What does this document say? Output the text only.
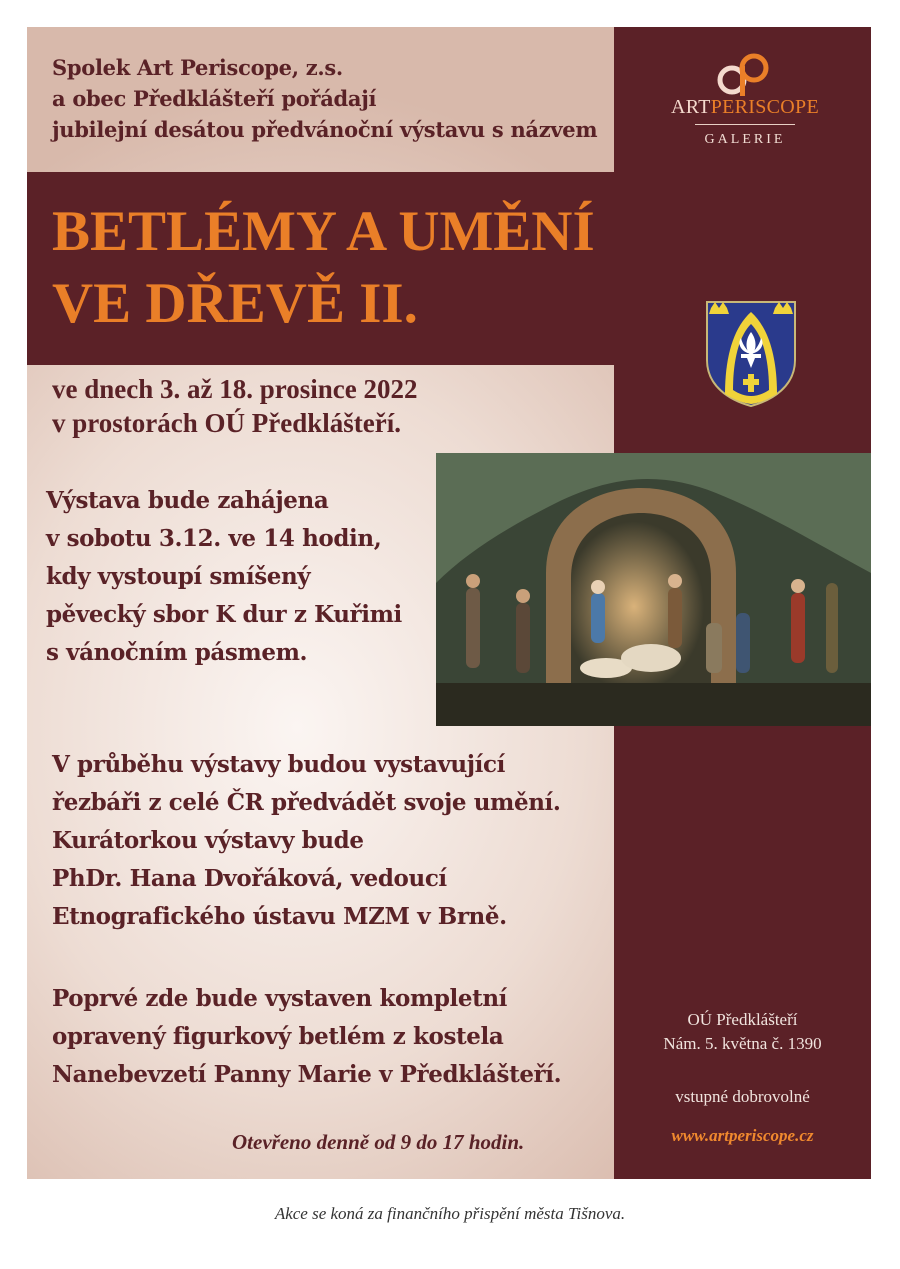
Spolek Art Periscope, z.s.
a obec Předklášteří pořádají
jubilejní desátou předvánoční výstavu s názvem
BETLÉMY A UMĚNÍ
VE DŘEVĚ II.
ve dnech 3. až 18. prosince 2022
v prostorách OÚ Předklášteří.
Výstava bude zahájena
v sobotu 3.12. ve 14 hodin,
kdy vystoupí smíšený
pěvecký sbor K dur z Kuřimi
s vánočním pásmem.
V průběhu výstavy budou vystavující
řezbáři z celé ČR předvádět svoje umění.
Kurátorkou výstavy bude
PhDr. Hana Dvořáková, vedoucí
Etnografického ústavu MZM v Brně.
Poprvé zde bude vystaven kompletní
opravený figurkový betlém z kostela
Nanebevzetí Panny Marie v Předklášteří.
Otevřeno denně od 9 do 17 hodin.
ARTPERISCOPE
GALERIE
OÚ Předklášteří
Nám. 5. května č. 1390
vstupné dobrovolné
www.artperiscope.cz
Akce se koná za finančního přispění města Tišnova.
